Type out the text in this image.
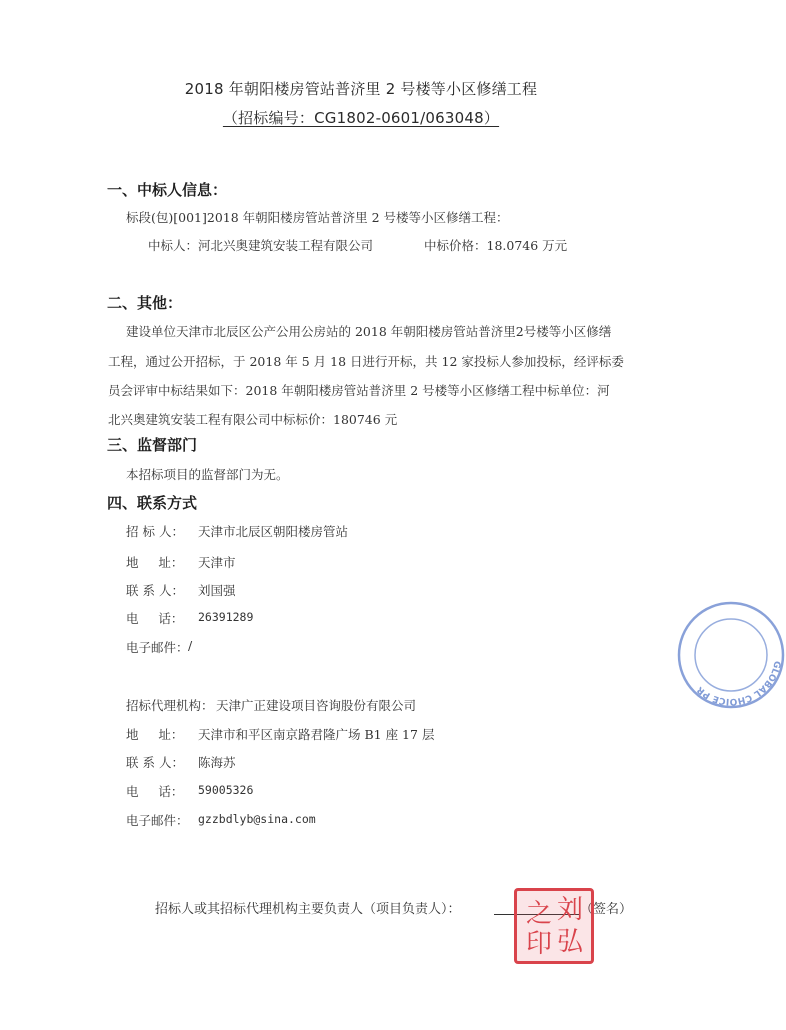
2018 年朝阳楼房管站普济里 2 号楼等小区修缮工程
（招标编号：CG1802-0601/063048）
一、中标人信息：
标段(包)[001]2018 年朝阳楼房管站普济里 2 号楼等小区修缮工程：
中标人：河北兴奥建筑安装工程有限公司	中标价格：18.0746 万元
二、其他：
建设单位天津市北辰区公产公用公房站的 2018 年朝阳楼房管站普济里2号楼等小区修缮
工程，通过公开招标，于 2018 年 5 月 18 日进行开标，共 12 家投标人参加投标，经评标委
员会评审中标结果如下：2018 年朝阳楼房管站普济里 2 号楼等小区修缮工程中标单位：河
北兴奥建筑安装工程有限公司中标标价：180746 元
三、监督部门
本招标项目的监督部门为无。
四、联系方式
招 标 人：	天津市北辰区朝阳楼房管站
地     址： 天津市
联 系 人： 刘国强
电     话： 26391289
电子邮件： /
招标代理机构： 天津广正建设项目咨询股份有限公司
地     址： 天津市和平区南京路君隆广场 B1 座 17 层
联 系 人： 陈海苏
电     话： 59005326
电子邮件： gzzbdlyb@sina.com
招标人或其招标代理机构主要负责人（项目负责人）：	（签名）
刘
弘
之
印
GLOBAL CHOICE PR
